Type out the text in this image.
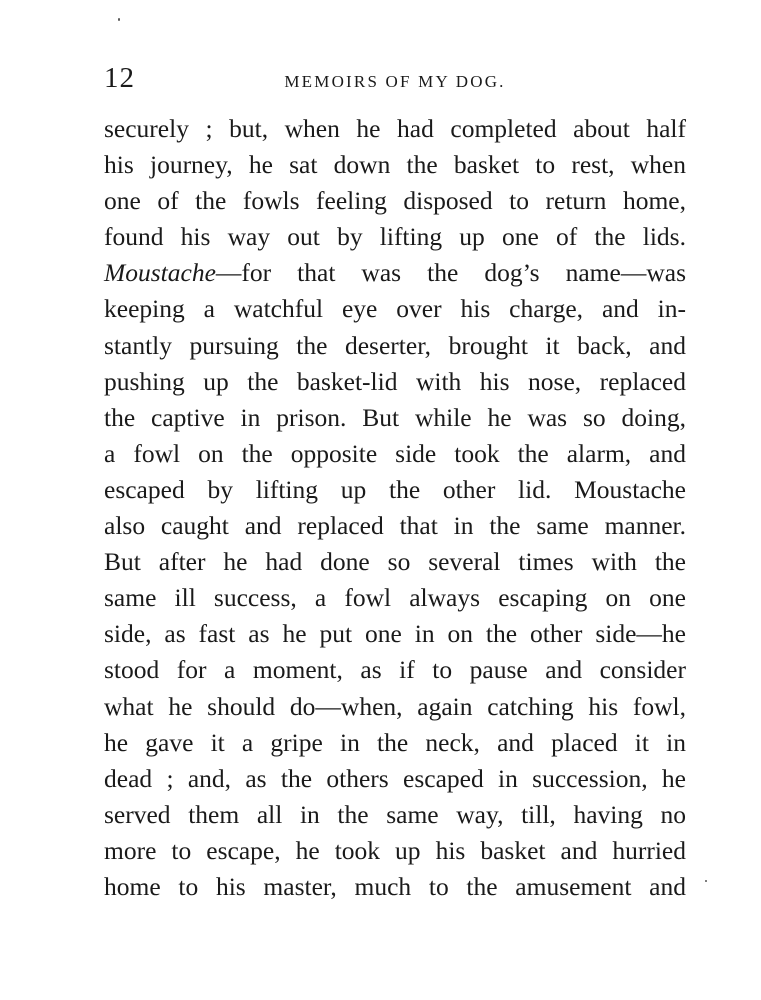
12	MEMOIRS OF MY DOG.
securely ; but, when he had completed about half
his journey, he sat down the basket to rest, when
one of the fowls feeling disposed to return home,
found his way out by lifting up one of the lids.
Moustache—for that was the dog’s name—was
keeping a watchful eye over his charge, and in-
stantly pursuing the deserter, brought it back, and
pushing up the basket-lid with his nose, replaced
the captive in prison. But while he was so doing,
a fowl on the opposite side took the alarm, and
escaped by lifting up the other lid. Moustache
also caught and replaced that in the same manner.
But after he had done so several times with the
same ill success, a fowl always escaping on one
side, as fast as he put one in on the other side—he
stood for a moment, as if to pause and consider
what he should do—when, again catching his fowl,
he gave it a gripe in the neck, and placed it in
dead ; and, as the others escaped in succession, he
served them all in the same way, till, having no
more to escape, he took up his basket and hurried
home to his master, much to the amusement and
